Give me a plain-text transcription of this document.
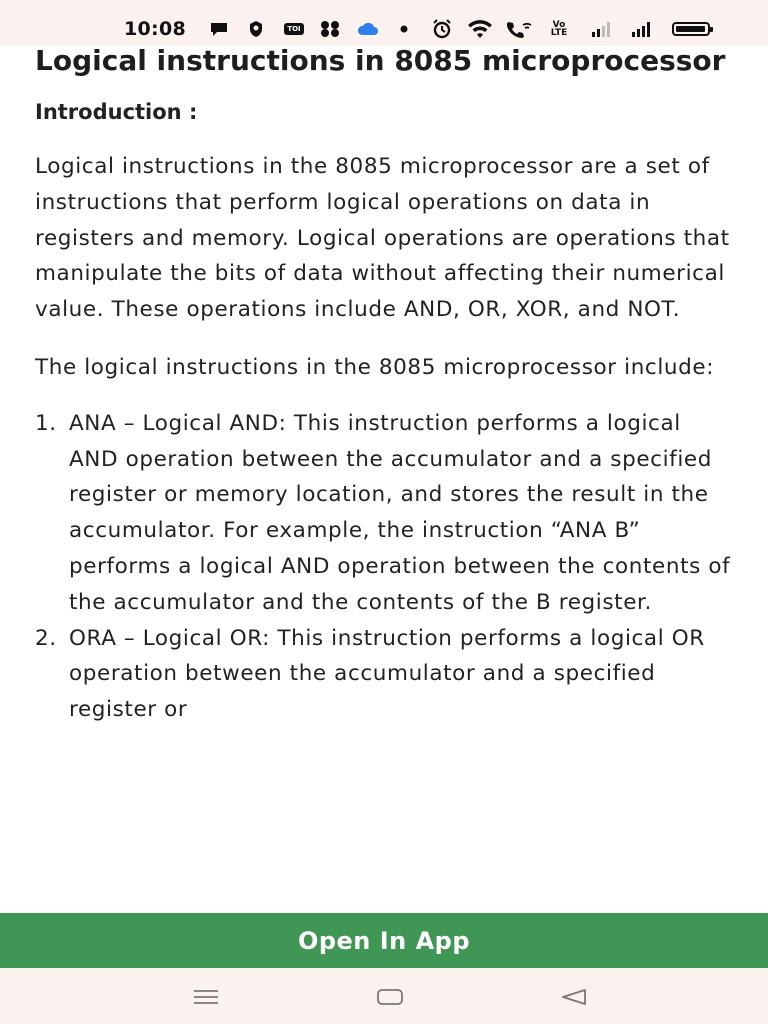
10:08	TOI	Vo LTE
Logical instructions in 8085 microprocessor
Introduction :

Logical instructions in the 8085 microprocessor are a set of instructions that perform logical operations on data in registers and memory. Logical operations are operations that manipulate the bits of data without affecting their numerical value. These operations include AND, OR, XOR, and NOT.

The logical instructions in the 8085 microprocessor include:

1. ANA – Logical AND: This instruction performs a logical AND operation between the accumulator and a specified register or memory location, and stores the result in the accumulator. For example, the instruction “ANA B” performs a logical AND operation between the contents of the accumulator and the contents of the B register.
2. ORA – Logical OR: This instruction performs a logical OR operation between the accumulator and a specified register or
Open In App
